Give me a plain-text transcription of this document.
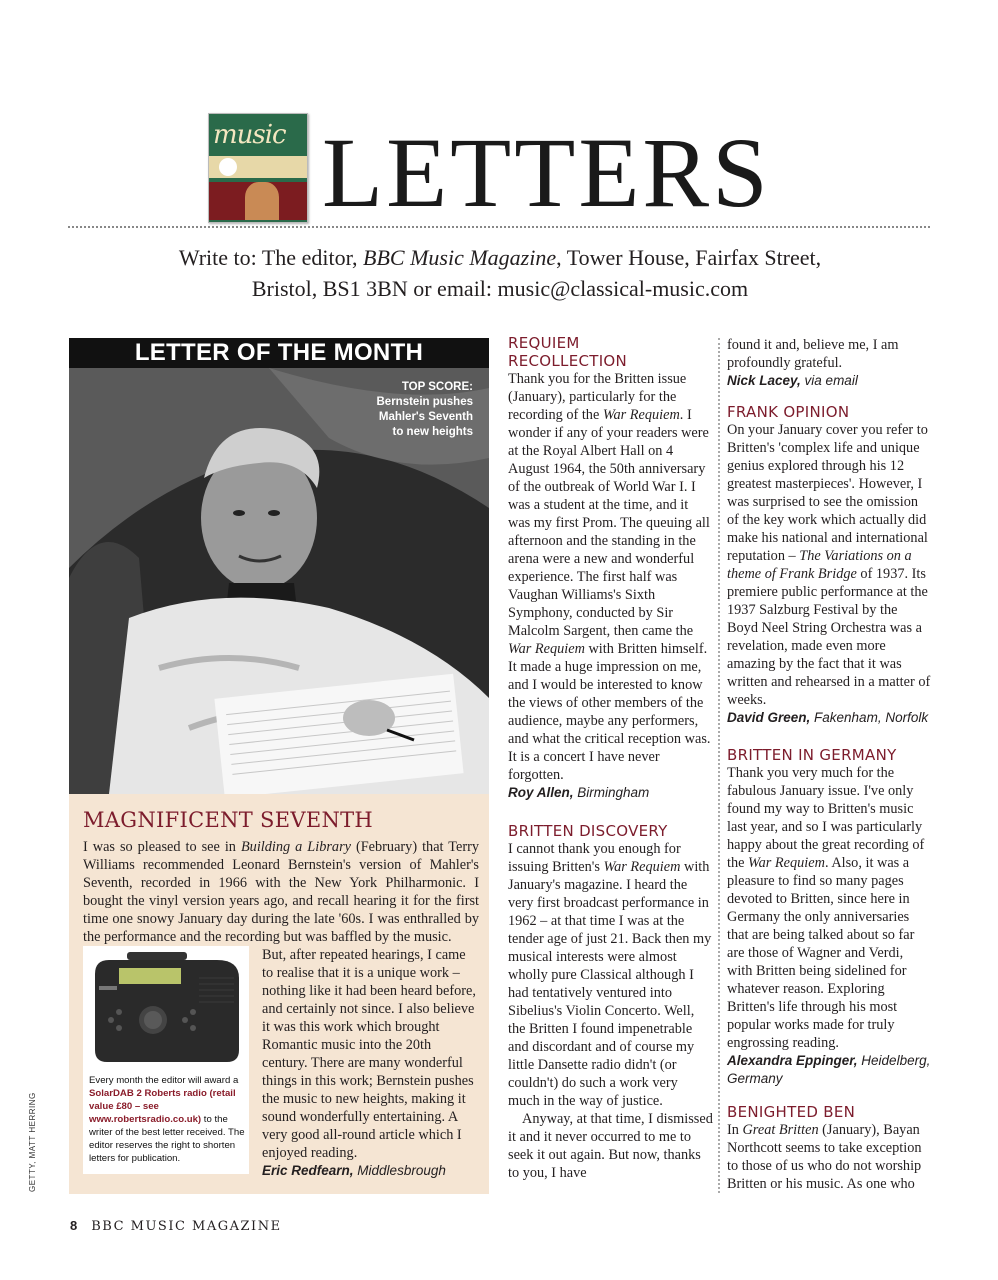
music LETTERS
Write to: The editor, BBC Music Magazine, Tower House, Fairfax Street,
Bristol, BS1 3BN or email: music@classical-music.com
LETTER OF THE MONTH
TOP SCORE:
Bernstein pushes
Mahler's Seventh
to new heights
MAGNIFICENT SEVENTH
I was so pleased to see in Building a Library (February) that Terry Williams recommended Leonard Bernstein's version of Mahler's Seventh, recorded in 1966 with the New York Philharmonic. I bought the vinyl version years ago, and recall hearing it for the first time one snowy January day during the late '60s. I was enthralled by the performance and the recording but was baffled by the music.
Every month the editor will award a SolarDAB 2 Roberts radio (retail value £80 – see www.robertsradio.co.uk) to the writer of the best letter received. The editor reserves the right to shorten letters for publication.
But, after repeated hearings, I came to realise that it is a unique work – nothing like it had been heard before, and certainly not since. I also believe it was this work which brought Romantic music into the 20th century. There are many wonderful things in this work; Bernstein pushes the music to new heights, making it sound wonderfully entertaining. A very good all-round article which I enjoyed reading.
Eric Redfearn, Middlesbrough
GETTY, MATT HERRING
REQUIEM
RECOLLECTION

Thank you for the Britten issue (January), particularly for the recording of the War Requiem. I wonder if any of your readers were at the Royal Albert Hall on 4 August 1964, the 50th anniversary of the outbreak of World War I. I was a student at the time, and it was my first Prom. The queuing all afternoon and the standing in the arena were a new and wonderful experience. The first half was Vaughan Williams's Sixth Symphony, conducted by Sir Malcolm Sargent, then came the War Requiem with Britten himself. It made a huge impression on me, and I would be interested to know the views of other members of the audience, maybe any performers, and what the critical reception was. It is a concert I have never forgotten.

Roy Allen, Birmingham
BRITTEN DISCOVERY

I cannot thank you enough for issuing Britten's War Requiem with January's magazine. I heard the very first broadcast performance in 1962 – at that time I was at the tender age of just 21. Back then my musical interests were almost wholly pure Classical although I had tentatively ventured into Sibelius's Violin Concerto. Well, the Britten I found impenetrable and discordant and of course my little Dansette radio didn't (or couldn't) do such a work very much in the way of justice.

Anyway, at that time, I dismissed it and it never occurred to me to seek it out again. But now, thanks to you, I have

found it and, believe me, I am profoundly grateful.

Nick Lacey, via email
FRANK OPINION

On your January cover you refer to Britten's 'complex life and unique genius explored through his 12 greatest masterpieces'. However, I was surprised to see the omission of the key work which actually did make his national and international reputation – The Variations on a theme of Frank Bridge of 1937. Its premiere public performance at the 1937 Salzburg Festival by the Boyd Neel String Orchestra was a revelation, made even more amazing by the fact that it was written and rehearsed in a matter of weeks.

David Green, Fakenham, Norfolk
BRITTEN IN GERMANY

Thank you very much for the fabulous January issue. I've only found my way to Britten's music last year, and so I was particularly happy about the great recording of the War Requiem. Also, it was a pleasure to find so many pages devoted to Britten, since here in Germany the only anniversaries that are being talked about so far are those of Wagner and Verdi, with Britten being sidelined for whatever reason. Exploring Britten's life through his most popular works made for truly engrossing reading.

Alexandra Eppinger, Heidelberg, Germany
BENIGHTED BEN

In Great Britten (January), Bayan Northcott seems to take exception to those of us who do not worship Britten or his music. As one who

8 BBC MUSIC MAGAZINE
